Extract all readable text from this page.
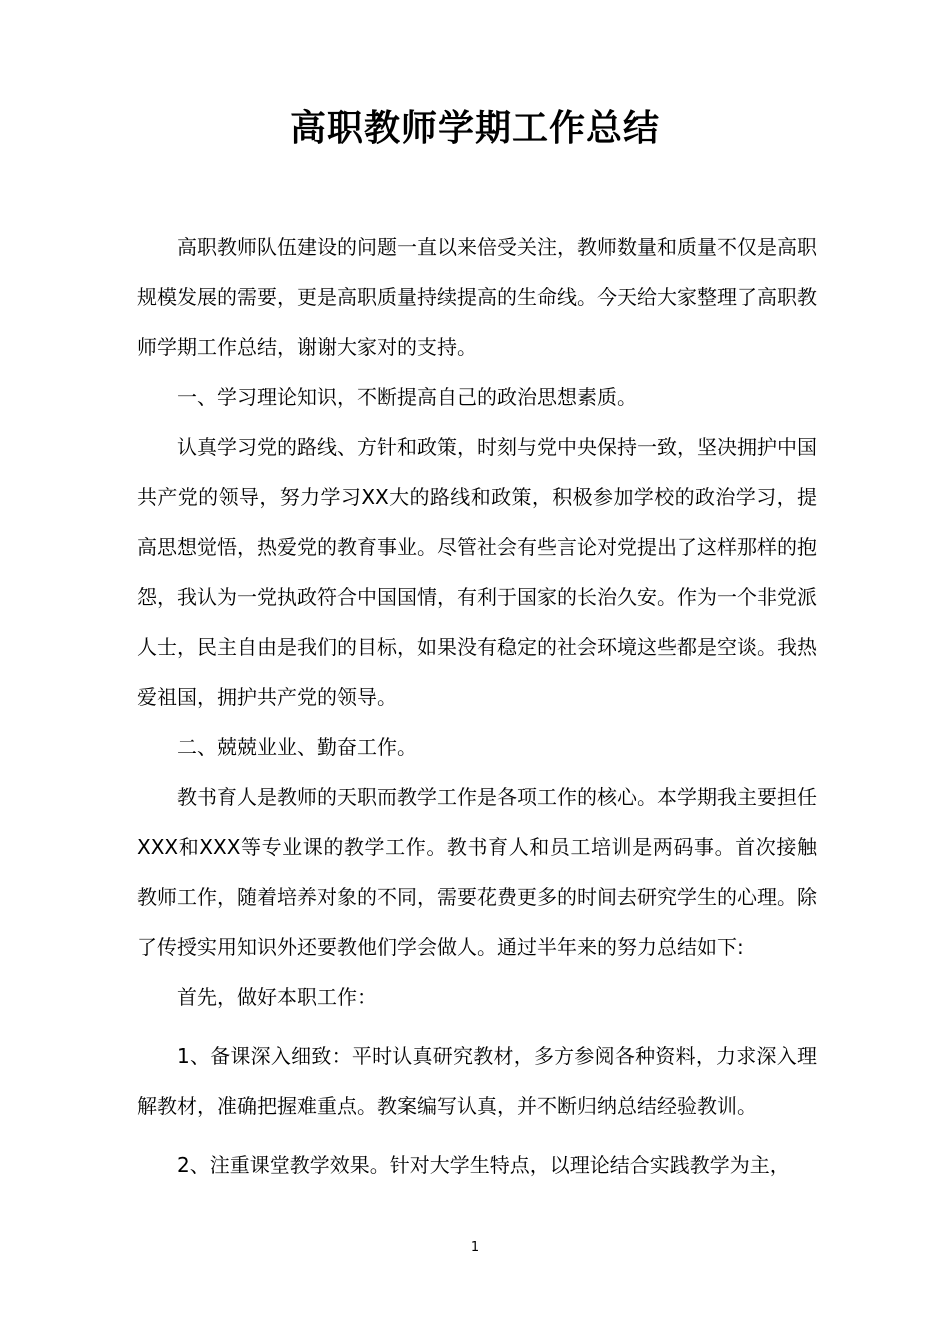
高职教师学期工作总结

高职教师队伍建设的问题一直以来倍受关注，教师数量和质量不仅是高职规模发展的需要，更是高职质量持续提高的生命线。今天给大家整理了高职教师学期工作总结，谢谢大家对的支持。

一、学习理论知识，不断提高自己的政治思想素质。

认真学习党的路线、方针和政策，时刻与党中央保持一致，坚决拥护中国共产党的领导，努力学习XX大的路线和政策，积极参加学校的政治学习，提高思想觉悟，热爱党的教育事业。尽管社会有些言论对党提出了这样那样的抱怨，我认为一党执政符合中国国情，有利于国家的长治久安。作为一个非党派人士，民主自由是我们的目标，如果没有稳定的社会环境这些都是空谈。我热爱祖国，拥护共产党的领导。

二、兢兢业业、勤奋工作。

教书育人是教师的天职而教学工作是各项工作的核心。本学期我主要担任XXX和XXX等专业课的教学工作。教书育人和员工培训是两码事。首次接触教师工作，随着培养对象的不同，需要花费更多的时间去研究学生的心理。除了传授实用知识外还要教他们学会做人。通过半年来的努力总结如下:

首先，做好本职工作：

1、备课深入细致：平时认真研究教材，多方参阅各种资料，力求深入理解教材，准确把握难重点。教案编写认真，并不断归纳总结经验教训。

2、注重课堂教学效果。针对大学生特点，以理论结合实践教学为主，

1
